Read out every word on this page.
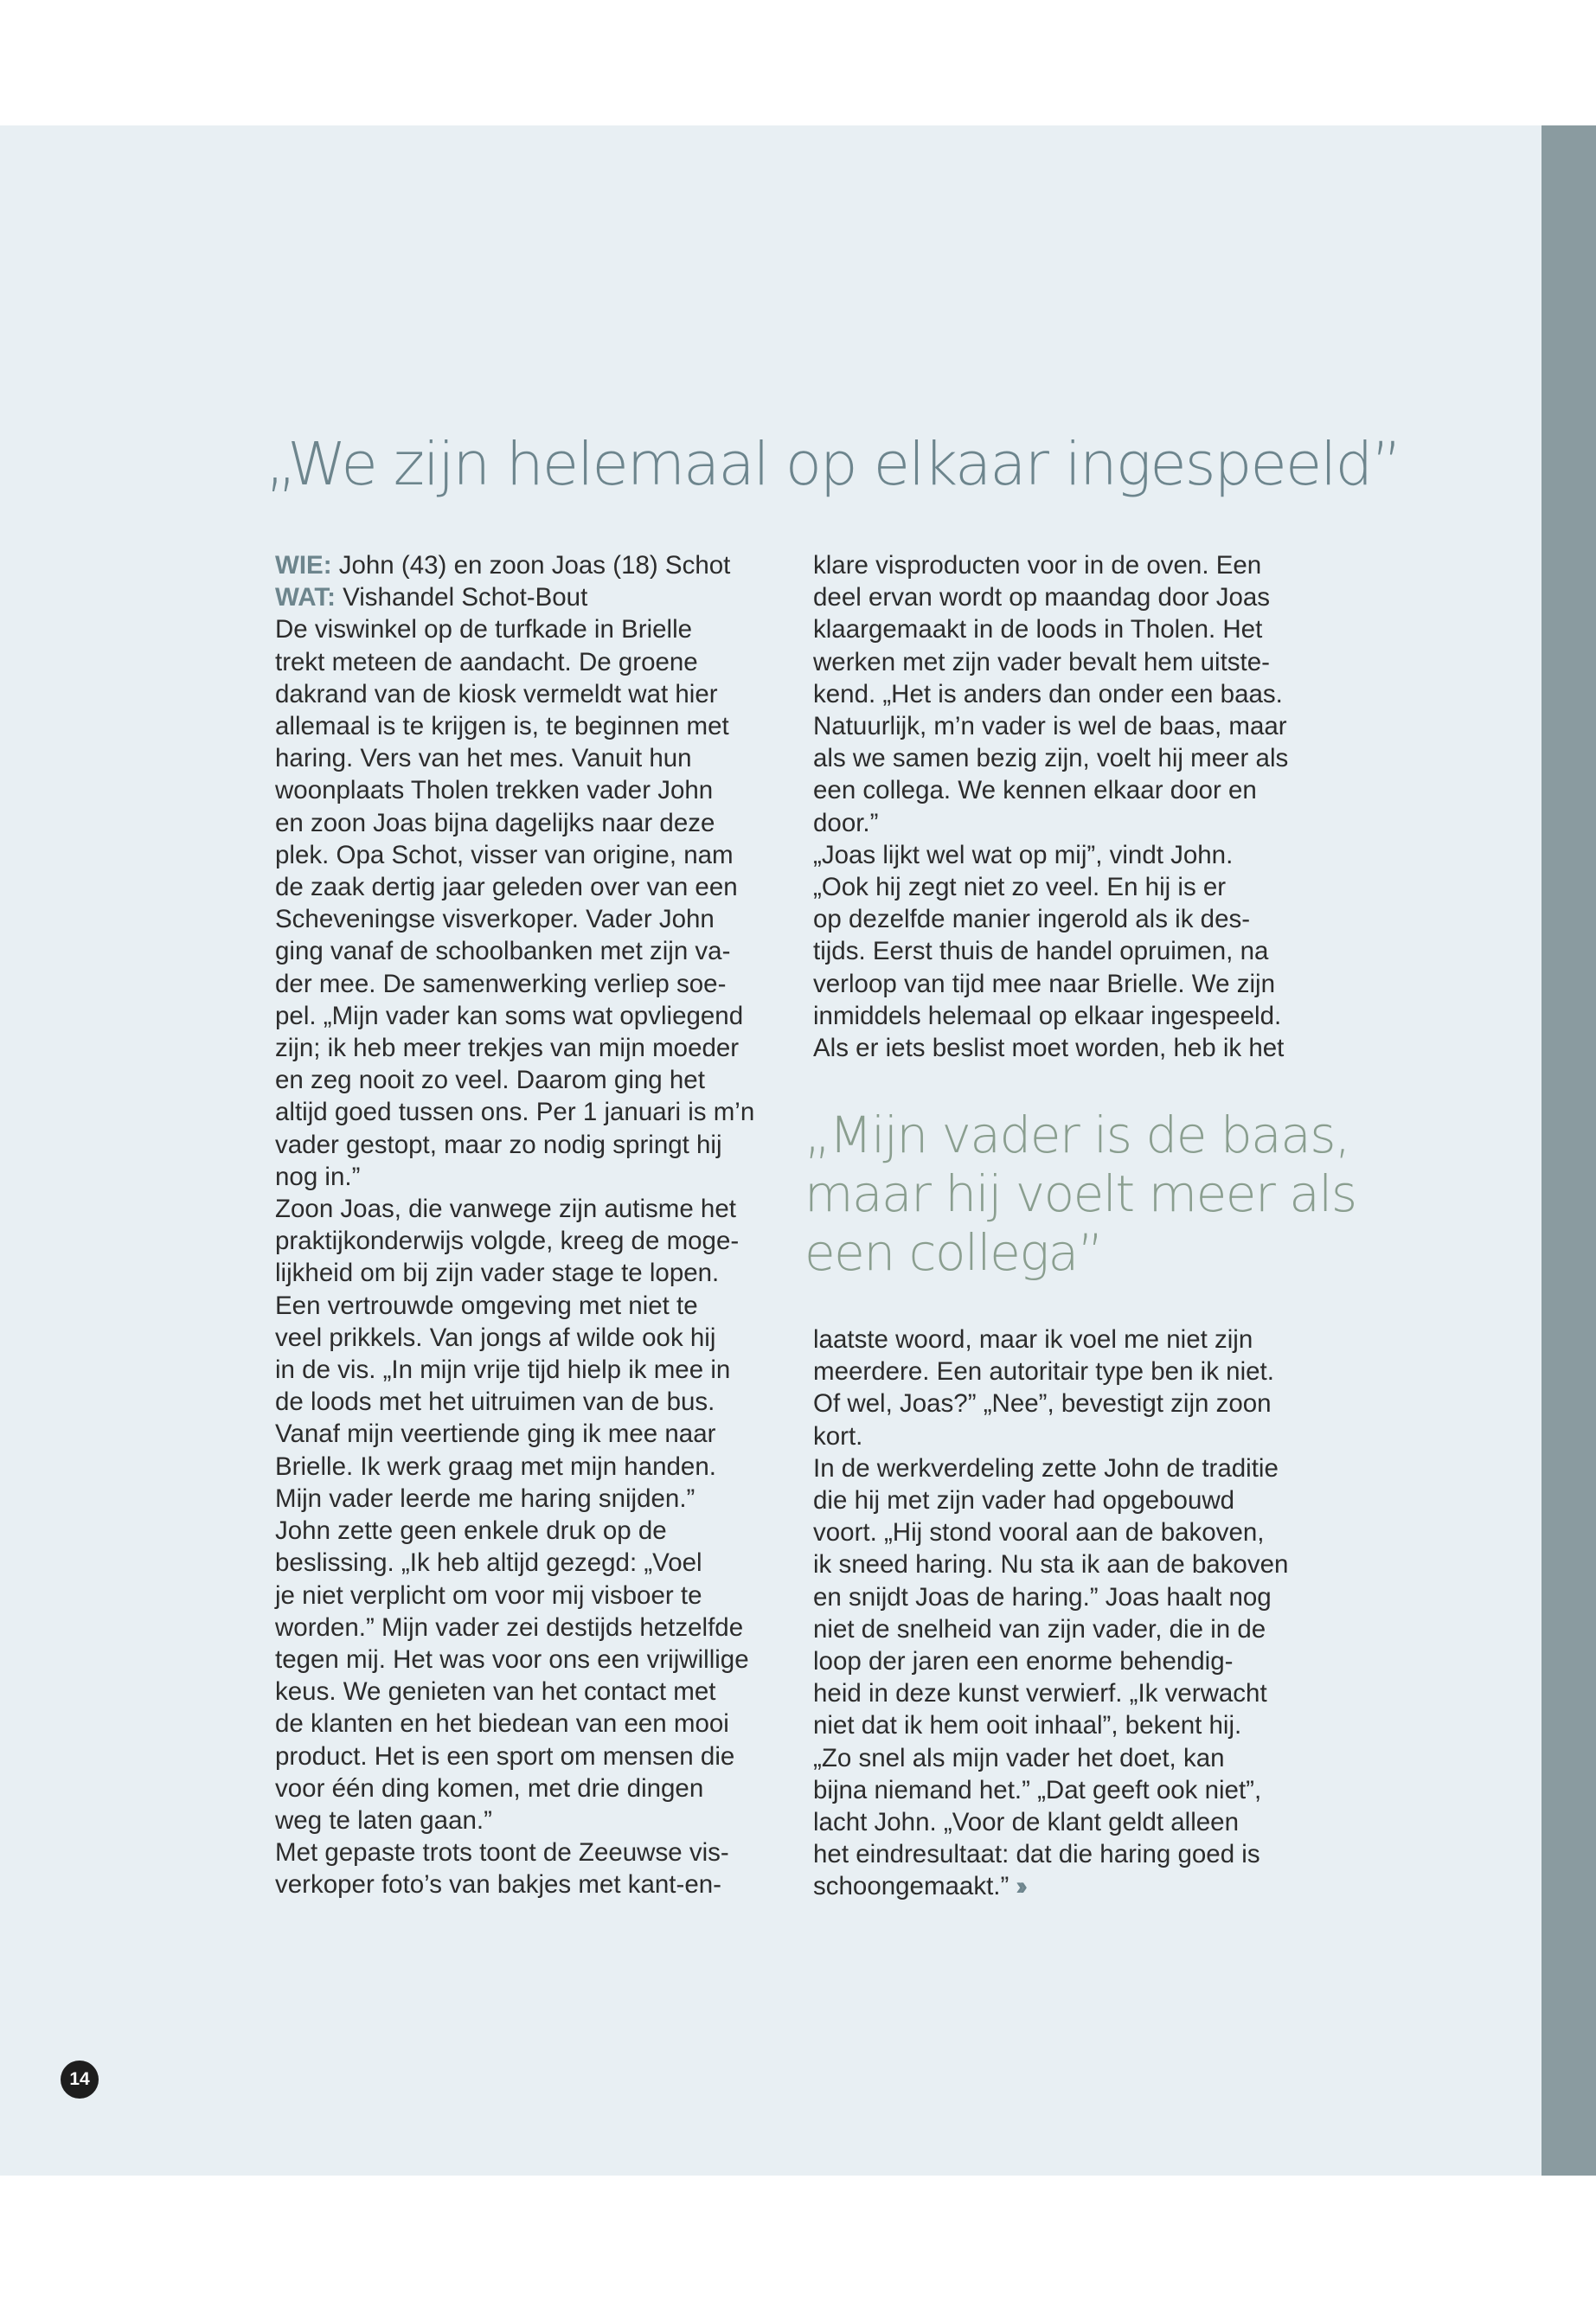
„We zijn helemaal op elkaar ingespeeld”

WIE: John (43) en zoon Joas (18) Schot

WAT: Vishandel Schot-Bout

De viswinkel op de turfkade in Brielle
trekt meteen de aandacht. De groene
dakrand van de kiosk vermeldt wat hier
allemaal is te krijgen is, te beginnen met
haring. Vers van het mes. Vanuit hun
woonplaats Tholen trekken vader John
en zoon Joas bijna dagelijks naar deze
plek. Opa Schot, visser van origine, nam
de zaak dertig jaar geleden over van een
Scheveningse visverkoper. Vader John
ging vanaf de schoolbanken met zijn va-
der mee. De samenwerking verliep soe-
pel. „Mijn vader kan soms wat opvliegend
zijn; ik heb meer trekjes van mijn moeder
en zeg nooit zo veel. Daarom ging het
altijd goed tussen ons. Per 1 januari is m’n
vader gestopt, maar zo nodig springt hij
nog in.”
Zoon Joas, die vanwege zijn autisme het
praktijkonderwijs volgde, kreeg de moge-
lijkheid om bij zijn vader stage te lopen.
Een vertrouwde omgeving met niet te
veel prikkels. Van jongs af wilde ook hij
in de vis. „In mijn vrije tijd hielp ik mee in
de loods met het uitruimen van de bus.
Vanaf mijn veertiende ging ik mee naar
Brielle. Ik werk graag met mijn handen.
Mijn vader leerde me haring snijden.”
John zette geen enkele druk op de
beslissing. „Ik heb altijd gezegd: „Voel
je niet verplicht om voor mij visboer te
worden.” Mijn vader zei destijds hetzelfde
tegen mij. Het was voor ons een vrijwillige
keus. We genieten van het contact met
de klanten en het biedean van een mooi
product. Het is een sport om mensen die
voor één ding komen, met drie dingen
weg te laten gaan.”
Met gepaste trots toont de Zeeuwse vis-
verkoper foto’s van bakjes met kant-en-
klare visproducten voor in de oven. Een
deel ervan wordt op maandag door Joas
klaargemaakt in de loods in Tholen. Het
werken met zijn vader bevalt hem uitste-
kend. „Het is anders dan onder een baas.
Natuurlijk, m’n vader is wel de baas, maar
als we samen bezig zijn, voelt hij meer als
een collega. We kennen elkaar door en
door.”
„Joas lijkt wel wat op mij”, vindt John.
„Ook hij zegt niet zo veel. En hij is er
op dezelfde manier ingerold als ik des-
tijds. Eerst thuis de handel opruimen, na
verloop van tijd mee naar Brielle. We zijn
inmiddels helemaal op elkaar ingespeeld.
Als er iets beslist moet worden, heb ik het
„Mijn vader is de baas,
maar hij voelt meer als
een collega”
laatste woord, maar ik voel me niet zijn
meerdere. Een autoritair type ben ik niet.
Of wel, Joas?” „Nee”, bevestigt zijn zoon
kort.
In de werkverdeling zette John de traditie
die hij met zijn vader had opgebouwd
voort. „Hij stond vooral aan de bakoven,
ik sneed haring. Nu sta ik aan de bakoven
en snijdt Joas de haring.” Joas haalt nog
niet de snelheid van zijn vader, die in de
loop der jaren een enorme behendig-
heid in deze kunst verwierf. „Ik verwacht
niet dat ik hem ooit inhaal”, bekent hij.
„Zo snel als mijn vader het doet, kan
bijna niemand het.” „Dat geeft ook niet”,
lacht John. „Voor de klant geldt alleen
het eindresultaat: dat die haring goed is
schoongemaakt.” ››
14
